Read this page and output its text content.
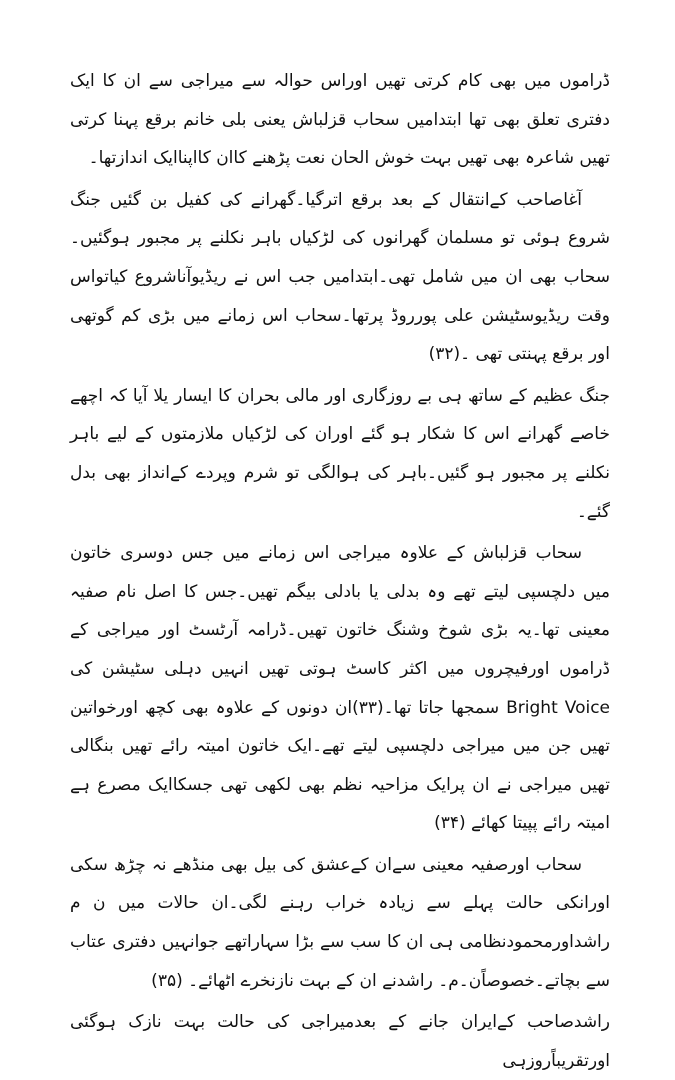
ڈراموں میں بھی کام کرتی تھیں اوراس حوالہ سے میراجی سے ان کا ایک دفتری تعلق بھی تھا ابتدامیں سحاب قزلباش یعنی بلی خانم برقع پہنا کرتی تھیں شاعرہ بھی تھیں بہت خوش الحان نعت پڑھنے کاان کااپناایک اندازتھا۔

آغاصاحب کےانتقال کے بعد برقع اترگیا۔گھرانے کی کفیل بن گئیں جنگ شروع ہوئی تو مسلمان گھرانوں کی لڑکیاں باہر نکلنے پر مجبور ہوگئیں۔سحاب بھی ان میں شامل تھی۔ابتدامیں جب اس نے ریڈیوآناشروع کیاتواس وقت ریڈیوسٹیشن علی پورروڈ پرتھا۔سحاب اس زمانے میں بڑی کم گوتھی اور برقع پہنتی تھی ۔(۳۲)

جنگ عظیم کے ساتھ ہی بے روزگاری اور مالی بحران کا ایسار یلا آیا کہ اچھے خاصے گھرانے اس کا شکار ہو گئے اوران کی لڑکیاں ملازمتوں کے لیے باہر نکلنے پر مجبور ہو گئیں۔باہر کی ہوالگی تو شرم وپردے کےانداز بھی بدل گئے۔

سحاب قزلباش کے علاوہ میراجی اس زمانے میں جس دوسری خاتون میں دلچسپی لیتے تھے وہ بدلی یا بادلی بیگم تھیں۔جس کا اصل نام صفیہ معینی تھا۔یہ بڑی شوخ وشنگ خاتون تھیں۔ڈرامہ آرٹسٹ اور میراجی کے ڈراموں اورفیچروں میں اکثر کاسٹ ہوتی تھیں انہیں دہلی سٹیشن کی Bright Voice سمجھا جاتا تھا۔(۳۳)ان دونوں کے علاوہ بھی کچھ اورخواتین تھیں جن میں میراجی دلچسپی لیتے تھے۔ایک خاتون امیتہ رائے تھیں بنگالی تھیں میراجی نے ان پرایک مزاحیہ نظم بھی لکھی تھی جسکاایک مصرع ہے امیتہ رائے پپیتا کھائے (۳۴)

سحاب اورصفیہ معینی سےان کےعشق کی بیل بھی منڈھے نہ چڑھ سکی اورانکی حالت پہلے سے زیادہ خراب رہنے لگی۔ان حالات میں ن م راشداورمحمودنظامی ہی ان کا سب سے بڑا سہاراتھے جوانہیں دفتری عتاب سے بچاتے۔خصوصاًن۔م۔ راشدنے ان کے بہت نازنخرے اٹھائے۔ (۳۵)

راشدصاحب کےایران جانے کے بعدمیراجی کی حالت بہت نازک ہوگئی اورتقریباًروزہی
